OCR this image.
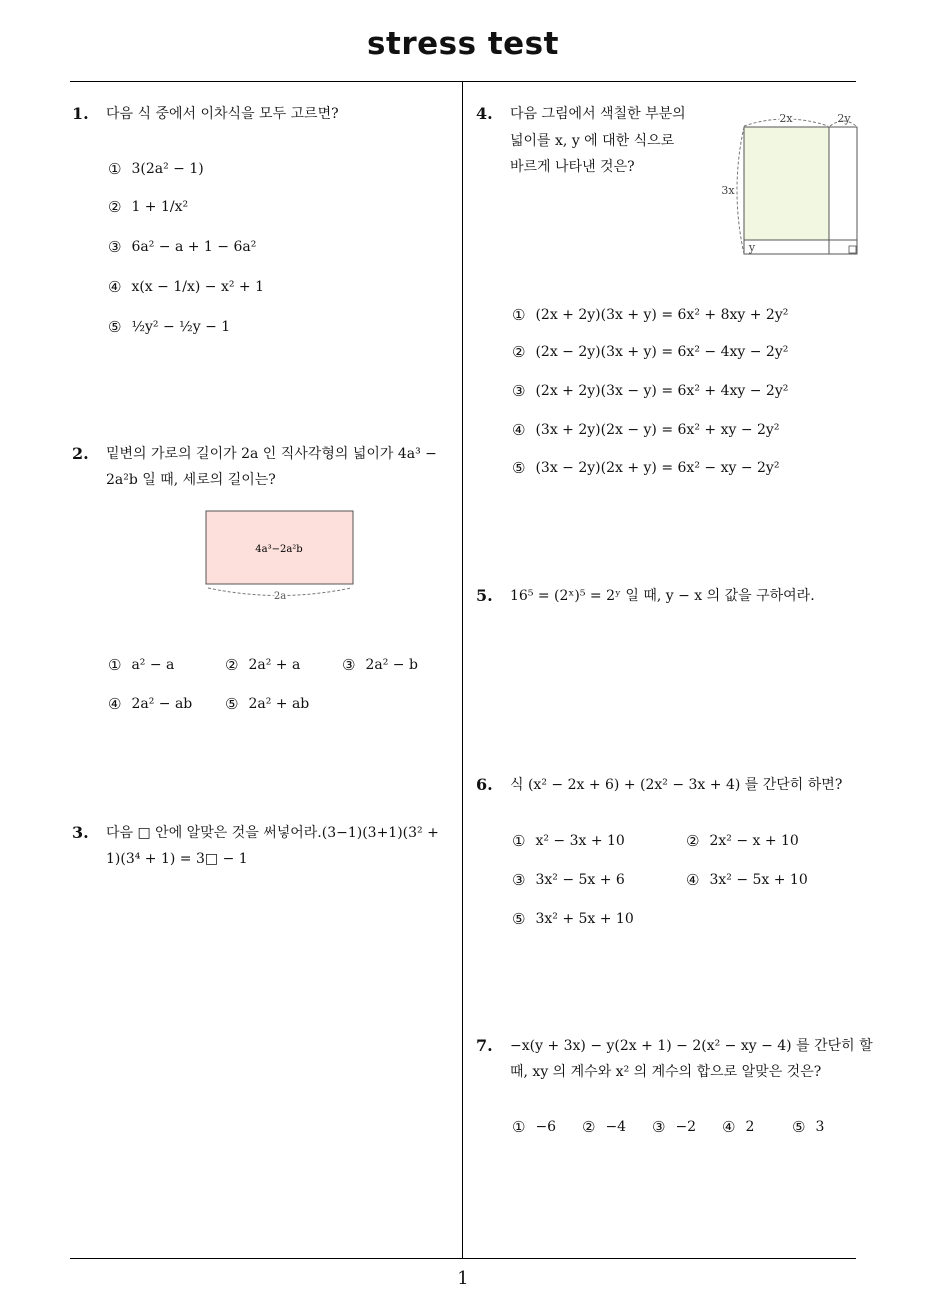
stress test
1
1. 다음 식 중에서 이차식을 모두 고르면?
① 3(2a² − 1)
② 1 + 1/x²
③ 6a² − a + 1 − 6a²
④ x(x − 1/x) − x² + 1
⑤ ½y² − ½y − 1
2. 밑변의 가로의 길이가 2a 인 직사각형의 넓이가 4a³ −
2a²b 일 때, 세로의 길이는?
4a³−2a²b
2a
① a² − a	② 2a² + a	③ 2a² − b
④ 2a² − ab ⑤ 2a² + ab
3. 다음 □ 안에 알맞은 것을 써넣어라.(3−1)(3+1)(3² +
1)(3⁴ + 1) = 3□ − 1
4. 다음 그림에서 색칠한 부분의
넓이를 x, y 에 대한 식으로
바르게 나타낸 것은?
2x	2y
3x
y
① (2x + 2y)(3x + y) = 6x² + 8xy + 2y²
② (2x − 2y)(3x + y) = 6x² − 4xy − 2y²
③ (2x + 2y)(3x − y) = 6x² + 4xy − 2y²
④ (3x + 2y)(2x − y) = 6x² + xy − 2y²
⑤ (3x − 2y)(2x + y) = 6x² − xy − 2y²
5. 16⁵ = (2ˣ)⁵ = 2ʸ 일 때, y − x 의 값을 구하여라.
6. 식 (x² − 2x + 6) + (2x² − 3x + 4) 를 간단히 하면?
① x² − 3x + 10	② 2x² − x + 10
③ 3x² − 5x + 6	④ 3x² − 5x + 10
⑤ 3x² + 5x + 10
7. −x(y + 3x) − y(2x + 1) − 2(x² − xy − 4) 를 간단히 할
때, xy 의 계수와 x² 의 계수의 합으로 알맞은 것은?
① −6 ② −4 ③ −2 ④ 2	⑤ 3
